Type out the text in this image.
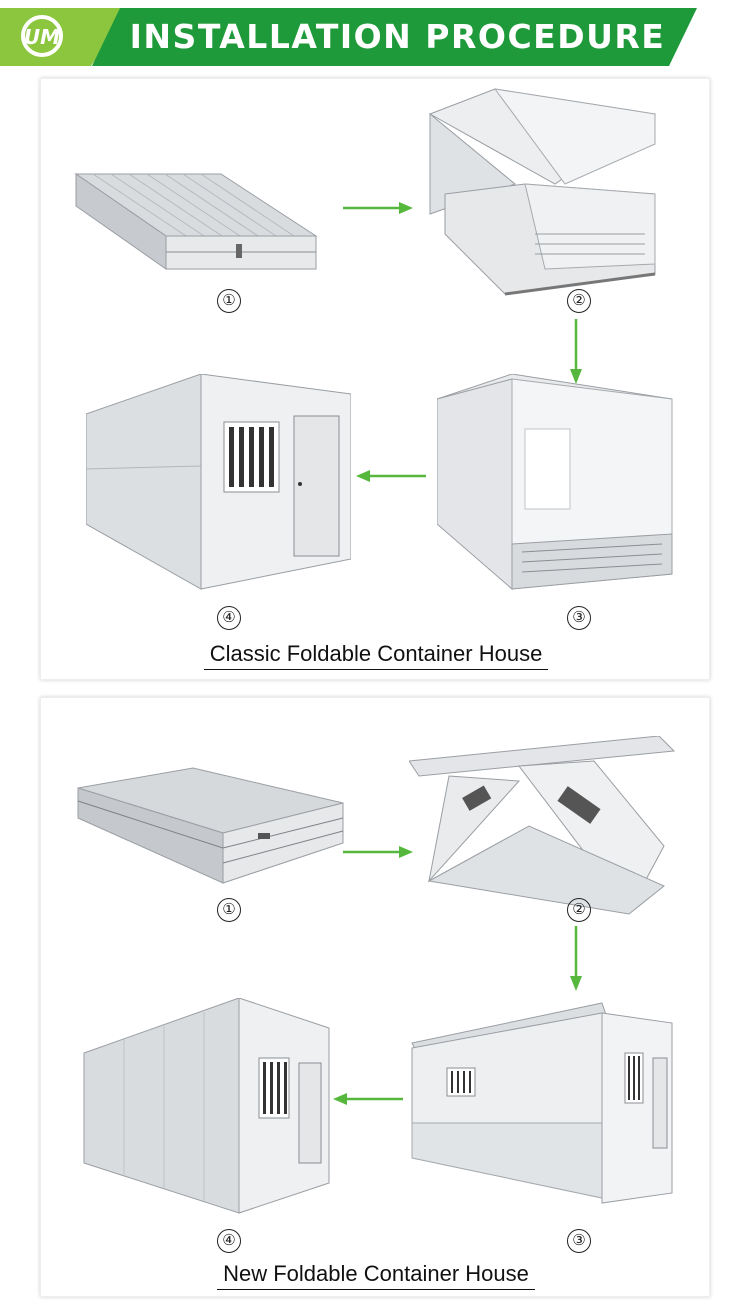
UM INSTALLATION PROCEDURE
①	②
④	③
Classic Foldable Container House
①	②
④	③
New Foldable Container House
